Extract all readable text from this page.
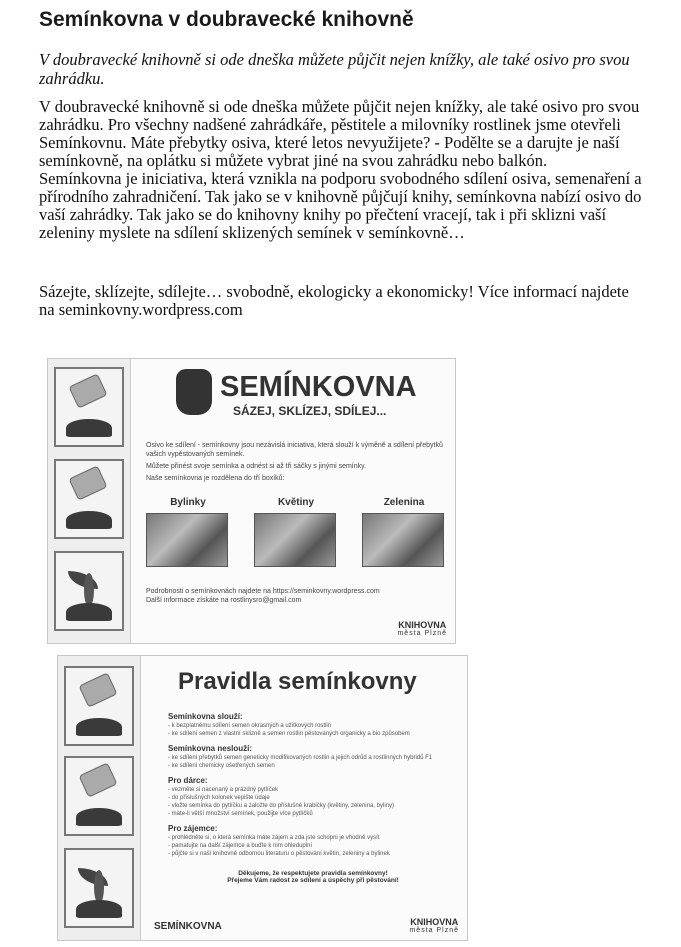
Semínkovna v doubravecké knihovně

V doubravecké knihovně si ode dneška můžete půjčit nejen knížky, ale také osivo pro svou zahrádku.

V doubravecké knihovně si ode dneška můžete půjčit nejen knížky, ale také osivo pro svou zahrádku. Pro všechny nadšené zahrádkáře, pěstitele a milovníky rostlinek jsme otevřeli Semínkovnu. Máte přebytky osiva, které letos nevyužijete? - Podělte se a darujte je naší semínkovně, na oplátku si můžete vybrat jiné na svou zahrádku nebo balkón.

Semínkovna je iniciativa, která vznikla na podporu svobodného sdílení osiva, semenaření a přírodního zahradničení. Tak jako se v knihovně půjčují knihy, semínkovna nabízí osivo do vaší zahrádky. Tak jako se do knihovny knihy po přečtení vracejí, tak i při sklizni vaší zeleniny myslete na sdílení sklizených semínek v semínkovně…

Sázejte, sklízejte, sdílejte… svobodně, ekologicky a ekonomicky! Více informací najdete na seminkovny.wordpress.com

SEMÍNKOVNA
SÁZEJ, SKLÍZEJ, SDÍLEJ...
Osivo ke sdílení - semínkovny jsou nezávislá iniciativa, která slouží k výměně a sdílení přebytků vašich vypěstovaných semínek.
Můžete přinést svoje semínka a odnést si až tři sáčky s jinými semínky.
Naše semínkovna je rozdělena do tří boxíků:
Bylinky	Květiny	Zelenina
Podrobnosti o semínkovnách najdete na https://seminkovny.wordpress.com
Další informace získáte na rostlinysro@gmail.com
KNIHOVNA
města Plzně
Pravidla semínkovny
Semínkovna slouží:
- k bezplatnému sdílení semen okrasných a užitkových rostlin
- ke sdílení semen z vlastní sklizně a semen rostlin pěstovaných organicky a bio způsobem
Semínkovna neslouží:
- ke sdílení přebytků semen geneticky modifikovaných rostlin a jejich odrůd a rostlinných hybridů F1
- ke sdílení chemicky ošetřených semen
Pro dárce:
- vezměte si nacenaný a prázdný pytlíček
- do příslušných kolonek vepište údaje
- vložte semínka do pytlíčku a založte do příslušné krabičky (květiny, zelenina, byliny)
- máte-li větší množství semínek, použijte více pytlíčků
Pro zájemce:
- prohlédněte si, o která semínka máte zájem a zda jste schopni je vhodně vysít
- pamatujte na další zájemce a buďte k nim ohleduplní
- půjčte si v naší knihovně odbornou literaturu o pěstování květin, zeleniny a bylinek
Děkujeme, že respektujete pravidla semínkovny!
Přejeme Vám radost ze sdílení a úspěchy při pěstování!
SEMÍNKOVNA	KNIHOVNA
města Plzně
